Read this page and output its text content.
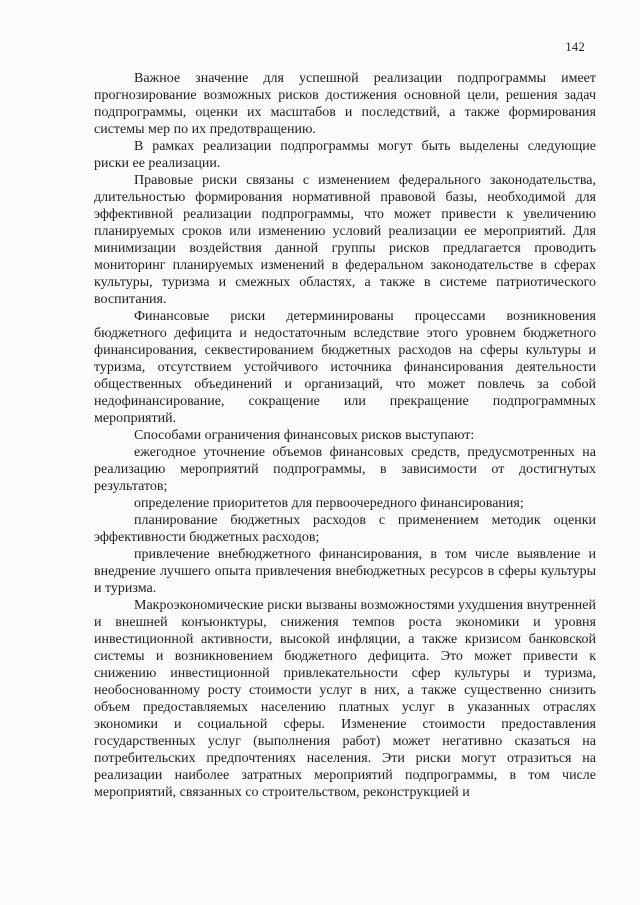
142

Важное значение для успешной реализации подпрограммы имеет прогнозирование возможных рисков достижения основной цели, решения задач подпрограммы, оценки их масштабов и последствий, а также формирования системы мер по их предотвращению.

В рамках реализации подпрограммы могут быть выделены следующие риски ее реализации.

Правовые риски связаны с изменением федерального законодательства, длительностью формирования нормативной правовой базы, необходимой для эффективной реализации подпрограммы, что может привести к увеличению планируемых сроков или изменению условий реализации ее мероприятий. Для минимизации воздействия данной группы рисков предлагается проводить мониторинг планируемых изменений в федеральном законодательстве в сферах культуры, туризма и смежных областях, а также в системе патриотического воспитания.

Финансовые риски детерминированы процессами возникновения бюджетного дефицита и недостаточным вследствие этого уровнем бюджетного финансирования, секвестированием бюджетных расходов на сферы культуры и туризма, отсутствием устойчивого источника финансирования деятельности общественных объединений и организаций, что может повлечь за собой недофинансирование, сокращение или прекращение подпрограммных мероприятий.

Способами ограничения финансовых рисков выступают:

ежегодное уточнение объемов финансовых средств, предусмотренных на реализацию мероприятий подпрограммы, в зависимости от достигнутых результатов;

определение приоритетов для первоочередного финансирования;

планирование бюджетных расходов с применением методик оценки эффективности бюджетных расходов;

привлечение внебюджетного финансирования, в том числе выявление и внедрение лучшего опыта привлечения внебюджетных ресурсов в сферы культуры и туризма.

Макроэкономические риски вызваны возможностями ухудшения внутренней и внешней конъюнктуры, снижения темпов роста экономики и уровня инвестиционной активности, высокой инфляции, а также кризисом банковской системы и возникновением бюджетного дефицита. Это может привести к снижению инвестиционной привлекательности сфер культуры и туризма, необоснованному росту стоимости услуг в них, а также существенно снизить объем предоставляемых населению платных услуг в указанных отраслях экономики и социальной сферы. Изменение стоимости предоставления государственных услуг (выполнения работ) может негативно сказаться на потребительских предпочтениях населения. Эти риски могут отразиться на реализации наиболее затратных мероприятий подпрограммы, в том числе мероприятий, связанных со строительством, реконструкцией и
